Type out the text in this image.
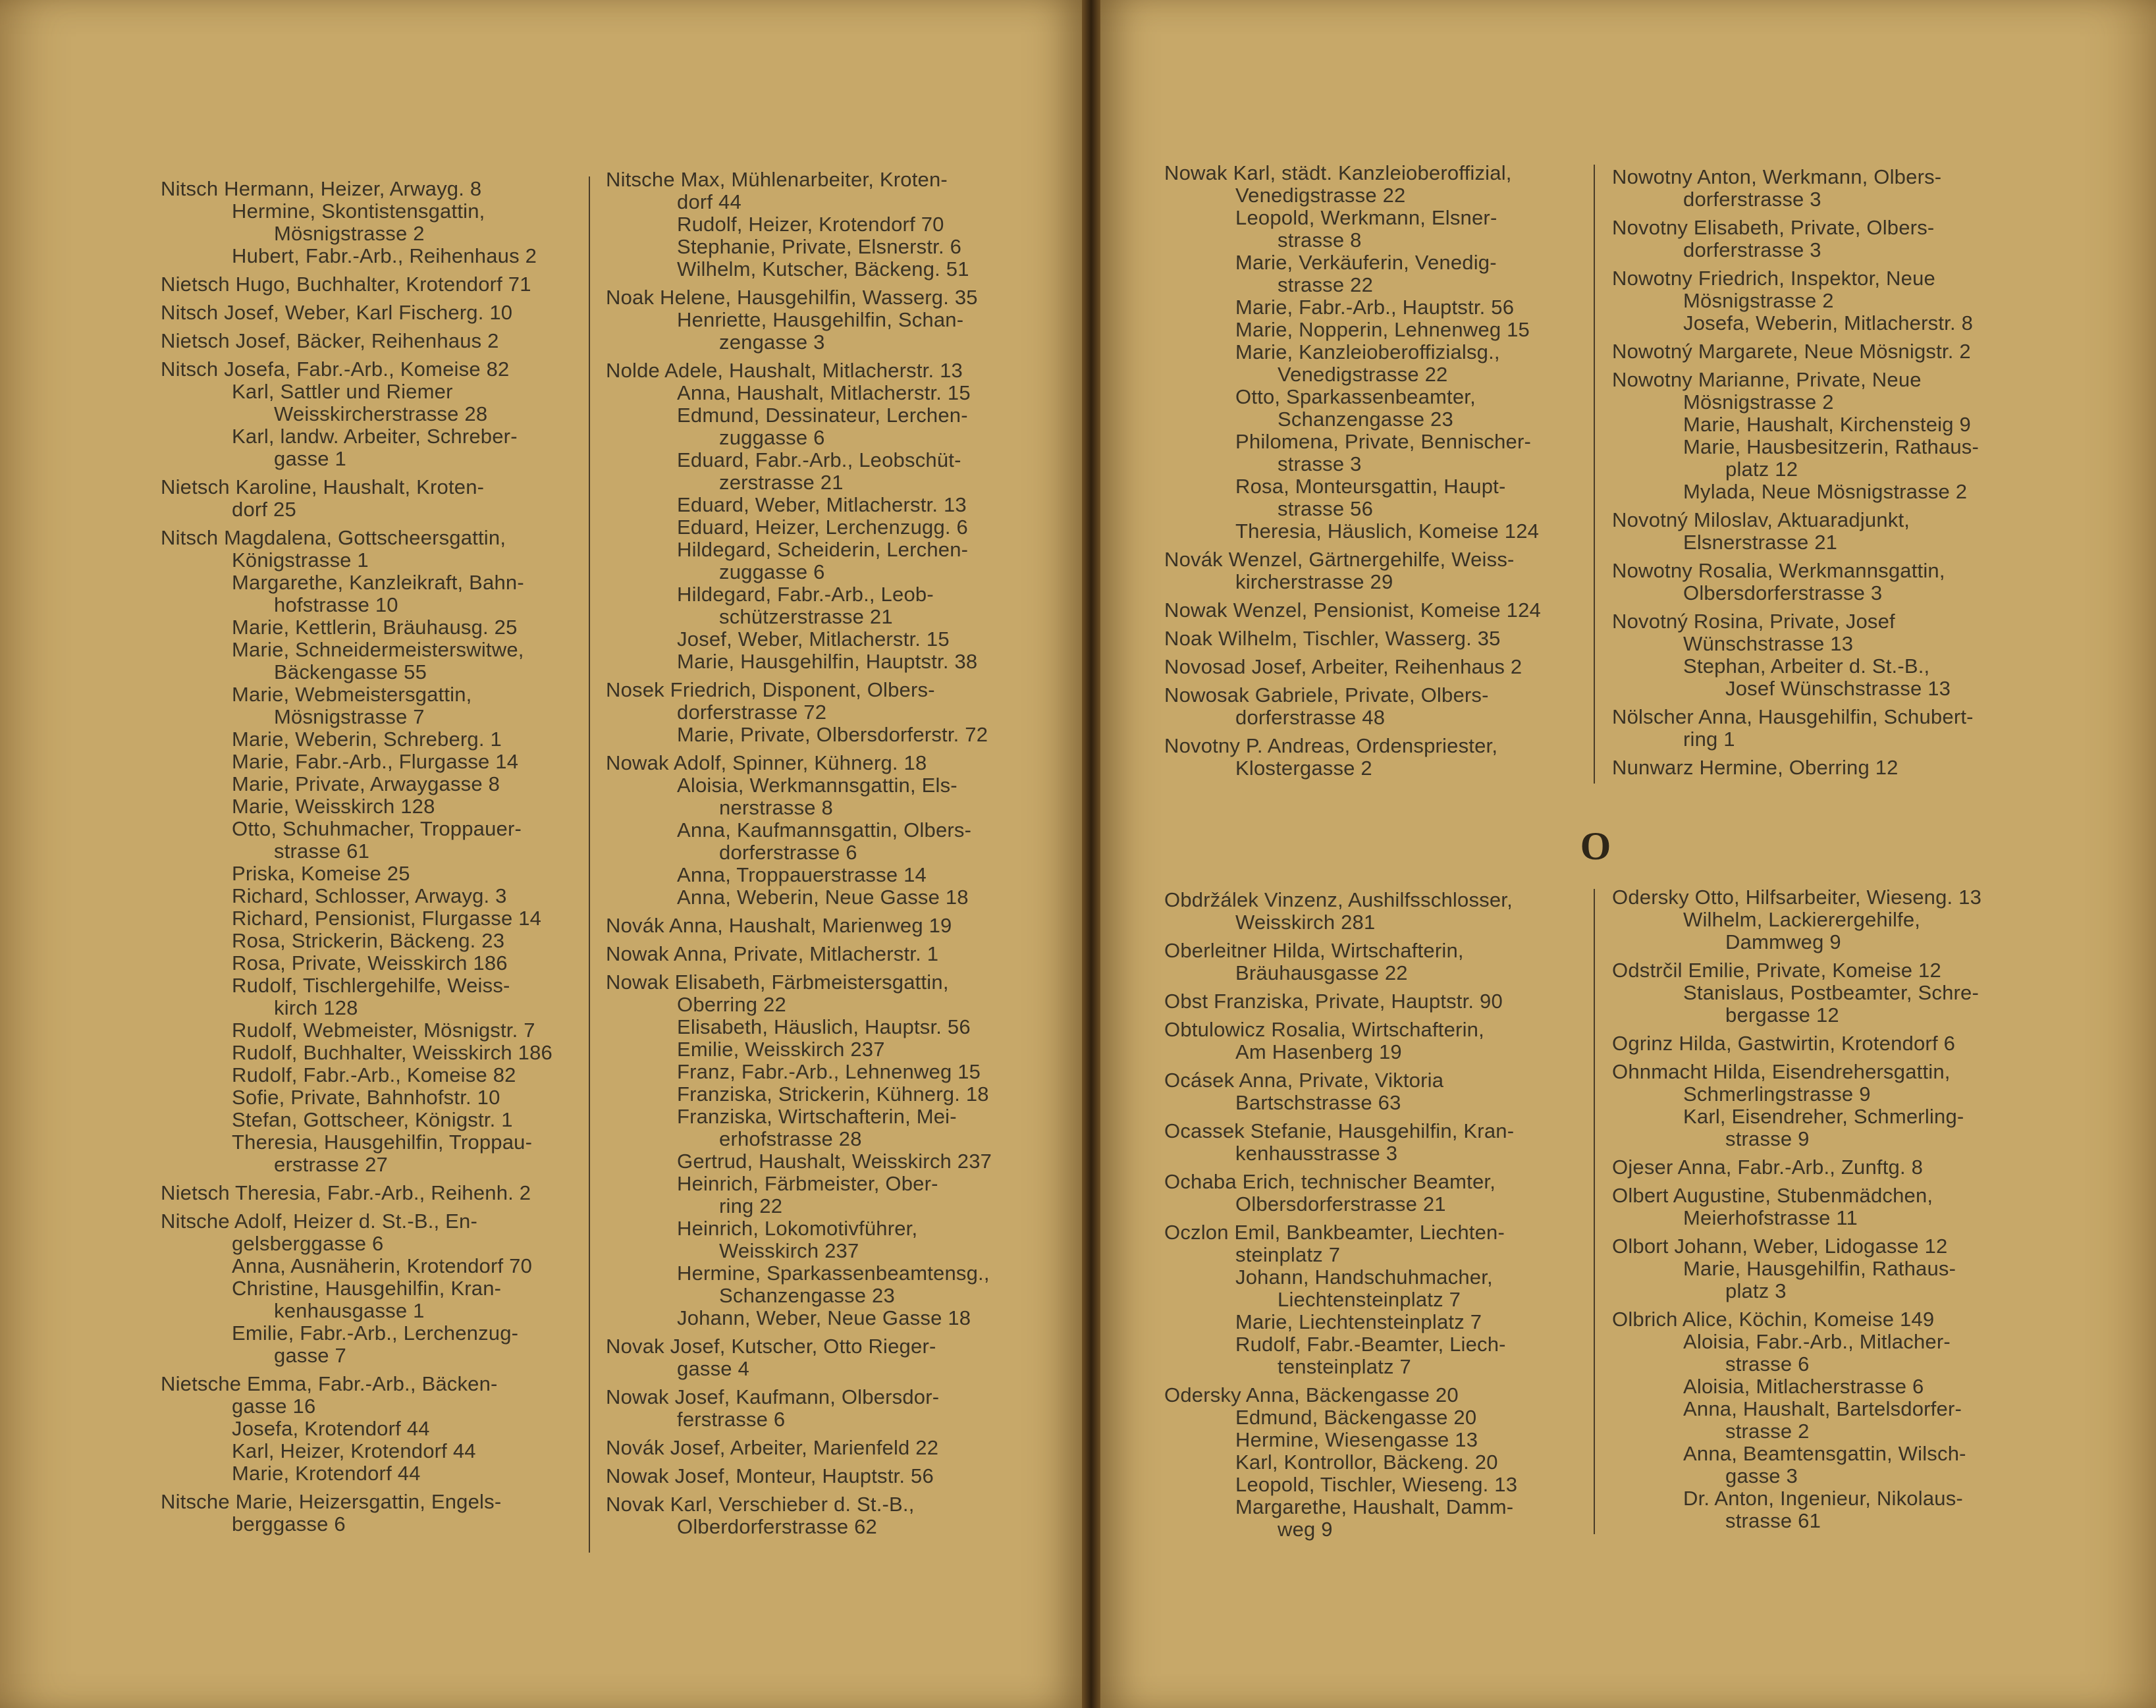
Nitsch Hermann, Heizer, Arwayg. 8
Hermine, Skontistensgattin,
Mösnigstrasse 2
Hubert, Fabr.-Arb., Reihenhaus 2
Nietsch Hugo, Buchhalter, Krotendorf 71
Nitsch Josef, Weber, Karl Fischerg. 10
Nietsch Josef, Bäcker, Reihenhaus 2
Nitsch Josefa, Fabr.-Arb., Komeise 82
Karl, Sattler und Riemer
Weisskircherstrasse 28
Karl, landw. Arbeiter, Schreber-
gasse 1
Nietsch Karoline, Haushalt, Kroten-
dorf 25
Nitsch Magdalena, Gottscheersgattin,
Königstrasse 1
Margarethe, Kanzleikraft, Bahn-
hofstrasse 10
Marie, Kettlerin, Bräuhausg. 25
Marie, Schneidermeisterswitwe,
Bäckengasse 55
Marie, Webmeistersgattin,
Mösnigstrasse 7
Marie, Weberin, Schreberg. 1
Marie, Fabr.-Arb., Flurgasse 14
Marie, Private, Arwaygasse 8
Marie, Weisskirch 128
Otto, Schuhmacher, Troppauer-
strasse 61
Priska, Komeise 25
Richard, Schlosser, Arwayg. 3
Richard, Pensionist, Flurgasse 14
Rosa, Strickerin, Bäckeng. 23
Rosa, Private, Weisskirch 186
Rudolf, Tischlergehilfe, Weiss-
kirch 128
Rudolf, Webmeister, Mösnigstr. 7
Rudolf, Buchhalter, Weisskirch 186
Rudolf, Fabr.-Arb., Komeise 82
Sofie, Private, Bahnhofstr. 10
Stefan, Gottscheer, Königstr. 1
Theresia, Hausgehilfin, Troppau-
erstrasse 27
Nietsch Theresia, Fabr.-Arb., Reihenh. 2
Nitsche Adolf, Heizer d. St.-B., En-
gelsberggasse 6
Anna, Ausnäherin, Krotendorf 70
Christine, Hausgehilfin, Kran-
kenhausgasse 1
Emilie, Fabr.-Arb., Lerchenzug-
gasse 7
Nietsche Emma, Fabr.-Arb., Bäcken-
gasse 16
Josefa, Krotendorf 44
Karl, Heizer, Krotendorf 44
Marie, Krotendorf 44
Nitsche Marie, Heizersgattin, Engels-
berggasse 6
Nitsche Max, Mühlenarbeiter, Kroten-
dorf 44
Rudolf, Heizer, Krotendorf 70
Stephanie, Private, Elsnerstr. 6
Wilhelm, Kutscher, Bäckeng. 51
Noak Helene, Hausgehilfin, Wasserg. 35
Henriette, Hausgehilfin, Schan-
zengasse 3
Nolde Adele, Haushalt, Mitlacherstr. 13
Anna, Haushalt, Mitlacherstr. 15
Edmund, Dessinateur, Lerchen-
zuggasse 6
Eduard, Fabr.-Arb., Leobschüt-
zerstrasse 21
Eduard, Weber, Mitlacherstr. 13
Eduard, Heizer, Lerchenzugg. 6
Hildegard, Scheiderin, Lerchen-
zuggasse 6
Hildegard, Fabr.-Arb., Leob-
schützerstrasse 21
Josef, Weber, Mitlacherstr. 15
Marie, Hausgehilfin, Hauptstr. 38
Nosek Friedrich, Disponent, Olbers-
dorferstrasse 72
Marie, Private, Olbersdorferstr. 72
Nowak Adolf, Spinner, Kühnerg. 18
Aloisia, Werkmannsgattin, Els-
nerstrasse 8
Anna, Kaufmannsgattin, Olbers-
dorferstrasse 6
Anna, Troppauerstrasse 14
Anna, Weberin, Neue Gasse 18
Novák Anna, Haushalt, Marienweg 19
Nowak Anna, Private, Mitlacherstr. 1
Nowak Elisabeth, Färbmeistersgattin,
Oberring 22
Elisabeth, Häuslich, Hauptsr. 56
Emilie, Weisskirch 237
Franz, Fabr.-Arb., Lehnenweg 15
Franziska, Strickerin, Kühnerg. 18
Franziska, Wirtschafterin, Mei-
erhofstrasse 28
Gertrud, Haushalt, Weisskirch 237
Heinrich, Färbmeister, Ober-
ring 22
Heinrich, Lokomotivführer,
Weisskirch 237
Hermine, Sparkassenbeamtensg.,
Schanzengasse 23
Johann, Weber, Neue Gasse 18
Novak Josef, Kutscher, Otto Rieger-
gasse 4
Nowak Josef, Kaufmann, Olbersdor-
ferstrasse 6
Novák Josef, Arbeiter, Marienfeld 22
Nowak Josef, Monteur, Hauptstr. 56
Novak Karl, Verschieber d. St.-B.,
Olberdorferstrasse 62
Nowak Karl, städt. Kanzleioberoffizial,
Venedigstrasse 22
Leopold, Werkmann, Elsner-
strasse 8
Marie, Verkäuferin, Venedig-
strasse 22
Marie, Fabr.-Arb., Hauptstr. 56
Marie, Nopperin, Lehnenweg 15
Marie, Kanzleioberoffizialsg.,
Venedigstrasse 22
Otto, Sparkassenbeamter,
Schanzengasse 23
Philomena, Private, Bennischer-
strasse 3
Rosa, Monteursgattin, Haupt-
strasse 56
Theresia, Häuslich, Komeise 124
Novák Wenzel, Gärtnergehilfe, Weiss-
kircherstrasse 29
Nowak Wenzel, Pensionist, Komeise 124
Noak Wilhelm, Tischler, Wasserg. 35
Novosad Josef, Arbeiter, Reihenhaus 2
Nowosak Gabriele, Private, Olbers-
dorferstrasse 48
Novotny P. Andreas, Ordenspriester,
Klostergasse 2
Nowotny Anton, Werkmann, Olbers-
dorferstrasse 3
Novotny Elisabeth, Private, Olbers-
dorferstrasse 3
Nowotny Friedrich, Inspektor, Neue
Mösnigstrasse 2
Josefa, Weberin, Mitlacherstr. 8
Nowotný Margarete, Neue Mösnigstr. 2
Nowotny Marianne, Private, Neue
Mösnigstrasse 2
Marie, Haushalt, Kirchensteig 9
Marie, Hausbesitzerin, Rathaus-
platz 12
Mylada, Neue Mösnigstrasse 2
Novotný Miloslav, Aktuaradjunkt,
Elsnerstrasse 21
Nowotny Rosalia, Werkmannsgattin,
Olbersdorferstrasse 3
Novotný Rosina, Private, Josef
Wünschstrasse 13
Stephan, Arbeiter d. St.-B.,
Josef Wünschstrasse 13
Nölscher Anna, Hausgehilfin, Schubert-
ring 1
Nunwarz Hermine, Oberring 12
O
Obdržálek Vinzenz, Aushilfsschlosser,
Weisskirch 281
Oberleitner Hilda, Wirtschafterin,
Bräuhausgasse 22
Obst Franziska, Private, Hauptstr. 90
Obtulowicz Rosalia, Wirtschafterin,
Am Hasenberg 19
Ocásek Anna, Private, Viktoria
Bartschstrasse 63
Ocassek Stefanie, Hausgehilfin, Kran-
kenhausstrasse 3
Ochaba Erich, technischer Beamter,
Olbersdorferstrasse 21
Oczlon Emil, Bankbeamter, Liechten-
steinplatz 7
Johann, Handschuhmacher,
Liechtensteinplatz 7
Marie, Liechtensteinplatz 7
Rudolf, Fabr.-Beamter, Liech-
tensteinplatz 7
Odersky Anna, Bäckengasse 20
Edmund, Bäckengasse 20
Hermine, Wiesengasse 13
Karl, Kontrollor, Bäckeng. 20
Leopold, Tischler, Wieseng. 13
Margarethe, Haushalt, Damm-
weg 9
Odersky Otto, Hilfsarbeiter, Wieseng. 13
Wilhelm, Lackierergehilfe,
Dammweg 9
Odstrčil Emilie, Private, Komeise 12
Stanislaus, Postbeamter, Schre-
bergasse 12
Ogrinz Hilda, Gastwirtin, Krotendorf 6
Ohnmacht Hilda, Eisendrehersgattin,
Schmerlingstrasse 9
Karl, Eisendreher, Schmerling-
strasse 9
Ojeser Anna, Fabr.-Arb., Zunftg. 8
Olbert Augustine, Stubenmädchen,
Meierhofstrasse 11
Olbort Johann, Weber, Lidogasse 12
Marie, Hausgehilfin, Rathaus-
platz 3
Olbrich Alice, Köchin, Komeise 149
Aloisia, Fabr.-Arb., Mitlacher-
strasse 6
Aloisia, Mitlacherstrasse 6
Anna, Haushalt, Bartelsdorfer-
strasse 2
Anna, Beamtensgattin, Wilsch-
gasse 3
Dr. Anton, Ingenieur, Nikolaus-
strasse 61
